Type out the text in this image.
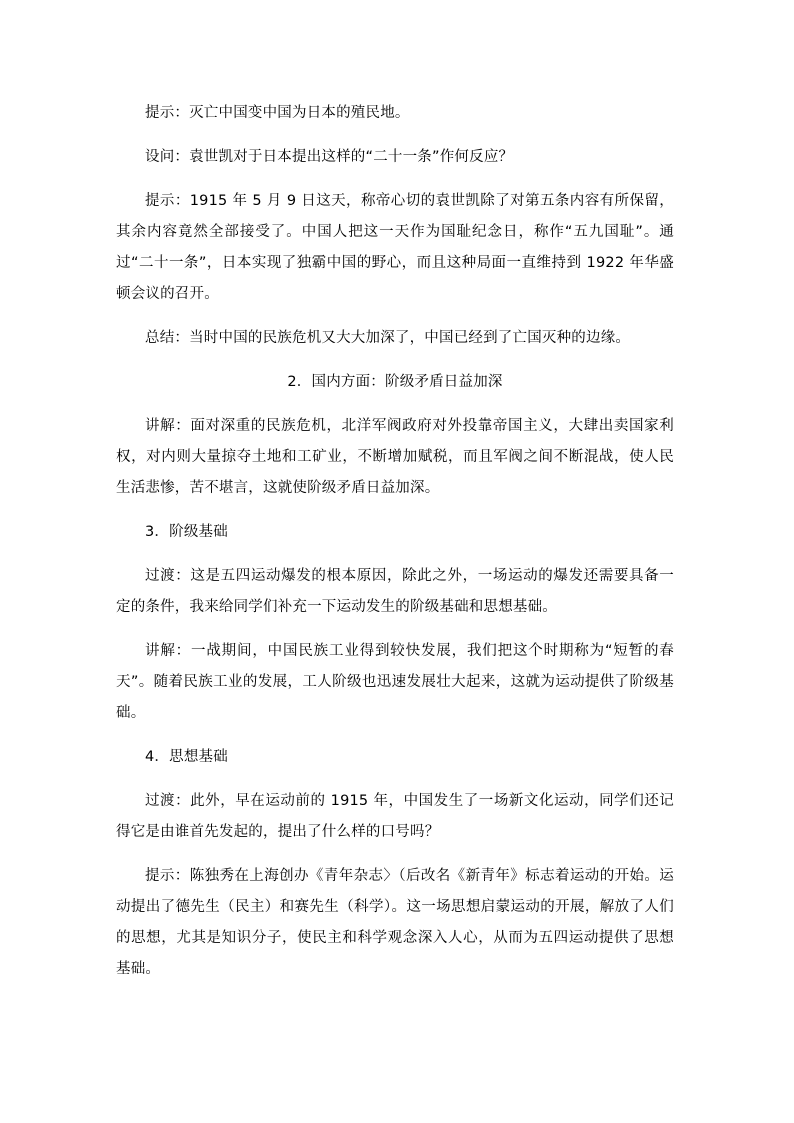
提示：灭亡中国变中国为日本的殖民地。

设问：袁世凯对于日本提出这样的“二十一条”作何反应？

提示：1915 年 5 月 9 日这天，称帝心切的袁世凯除了对第五条内容有所保留，其余内容竟然全部接受了。中国人把这一天作为国耻纪念日，称作“五九国耻”。通过“二十一条”，日本实现了独霸中国的野心，而且这种局面一直维持到 1922 年华盛顿会议的召开。

总结：当时中国的民族危机又大大加深了，中国已经到了亡国灭种的边缘。

2．国内方面：阶级矛盾日益加深

讲解：面对深重的民族危机，北洋军阀政府对外投靠帝国主义，大肆出卖国家利权，对内则大量掠夺土地和工矿业，不断增加赋税，而且军阀之间不断混战，使人民生活悲惨，苦不堪言，这就使阶级矛盾日益加深。

3．阶级基础

过渡：这是五四运动爆发的根本原因，除此之外，一场运动的爆发还需要具备一定的条件，我来给同学们补充一下运动发生的阶级基础和思想基础。

讲解：一战期间，中国民族工业得到较快发展，我们把这个时期称为“短暂的春天”。随着民族工业的发展，工人阶级也迅速发展壮大起来，这就为运动提供了阶级基础。

4．思想基础

过渡：此外，早在运动前的 1915 年，中国发生了一场新文化运动，同学们还记得它是由谁首先发起的，提出了什么样的口号吗？

提示：陈独秀在上海创办《青年杂志〉（后改名《新青年》标志着运动的开始。运动提出了德先生（民主）和赛先生（科学）。这一场思想启蒙运动的开展，解放了人们的思想，尤其是知识分子，使民主和科学观念深入人心，从而为五四运动提供了思想基础。
